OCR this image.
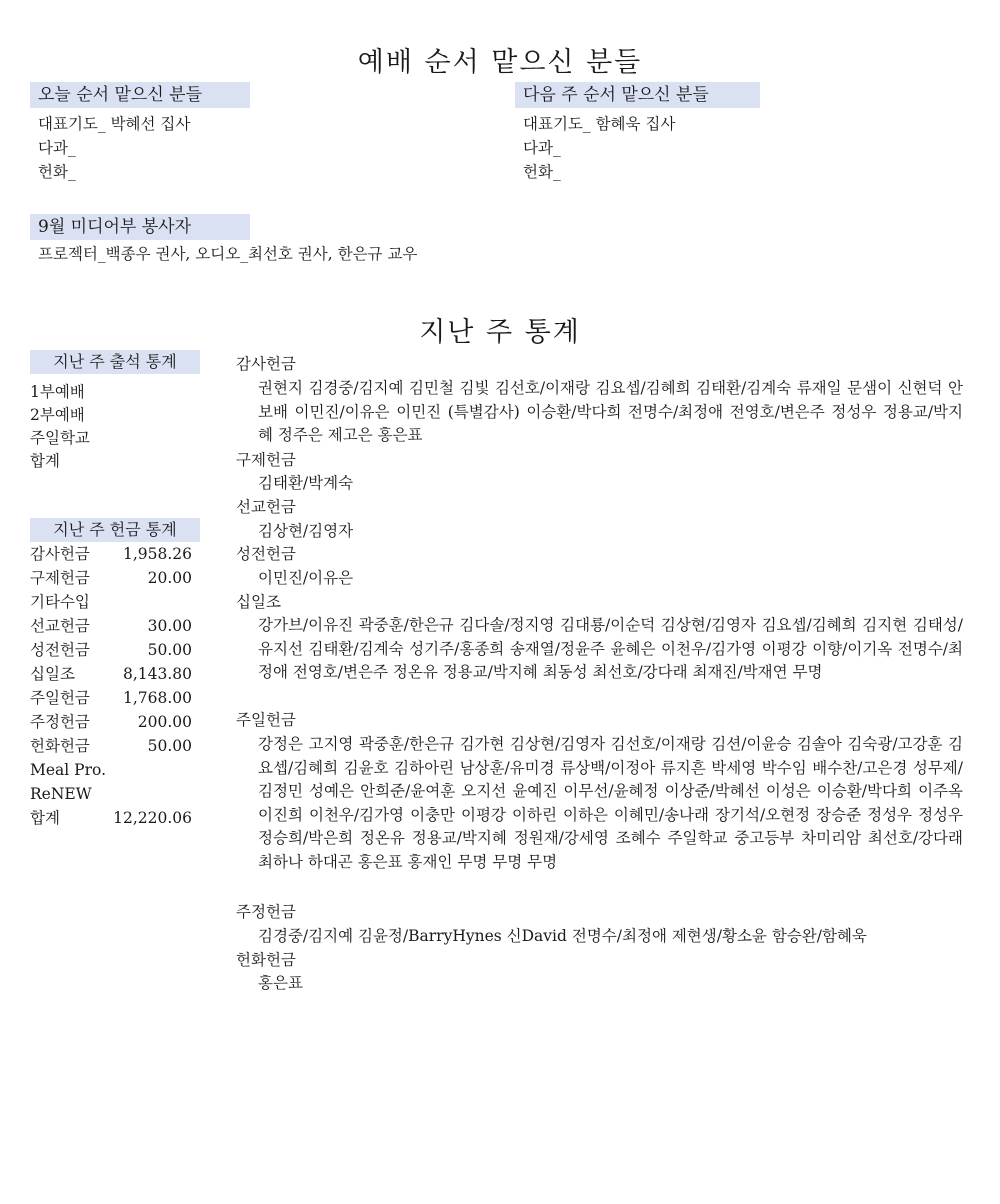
예배 순서 맡으신 분들
오늘 순서 맡으신 분들
대표기도_ 박혜선 집사
다과_
헌화_
다음 주 순서 맡으신 분들
대표기도_ 함혜욱 집사
다과_
헌화_
9월 미디어부 봉사자
프로젝터_백종우 권사, 오디오_최선호 권사, 한은규 교우
지난 주 통계
지난 주 출석 통계
1부예배
2부예배
주일학교
합계
지난 주 헌금 통계
감사헌금 1,958.26
구제헌금	20.00
기타수입
선교헌금	30.00
성전헌금	50.00
십일조	8,143.80
주일헌금 1,768.00
주정헌금	200.00
헌화헌금	50.00
Meal Pro.
ReNEW
합계	12,220.06
감사헌금
권현지 김경중/김지예 김민철 김빛 김선호/이재랑 김요셉/김혜희 김태환/김계숙 류재일 문샘이 신현덕 안보배 이민진/이유은 이민진 (특별감사) 이승환/박다희 전명수/최정애 전영호/변은주 정성우 정용교/박지혜 정주은 제고은 홍은표
구제헌금
김태환/박계숙
선교헌금
김상현/김영자
성전헌금
이민진/이유은
십일조
강가브/이유진 곽중훈/한은규 김다솔/정지영 김대룡/이순덕 김상현/김영자 김요셉/김혜희 김지현 김태성/유지선 김태환/김계숙 성기주/홍종희 송재열/정윤주 윤혜은 이천우/김가영 이평강 이향/이기옥 전명수/최정애 전영호/변은주 정온유 정용교/박지혜 최동성 최선호/강다래 최재진/박재연 무명
주일헌금
강정은 고지영 곽중훈/한은규 김가현 김상현/김영자 김선호/이재랑 김션/이윤승 김솔아 김숙광/고강훈 김요셉/김혜희 김윤호 김하아린 남상훈/유미경 류상백/이정아 류지흔 박세영 박수임 배수찬/고은경 성무제/김정민 성예은 안희준/윤여훈 오지선 윤예진 이무선/윤혜정 이상준/박혜선 이성은 이승환/박다희 이주옥 이진희 이천우/김가영 이충만 이평강 이하린 이하은 이혜민/송나래 장기석/오현정 장승준 정성우 정성우 정승희/박은희 정온유 정용교/박지혜 정원재/강세영 조혜수 주일학교 중고등부 차미리암 최선호/강다래 최하나 하대곤 홍은표 홍재인 무명 무명 무명
주정헌금
김경중/김지예 김윤정/BarryHynes 신David 전명수/최정애 제현생/황소윤 함승완/함혜욱
헌화헌금
홍은표
